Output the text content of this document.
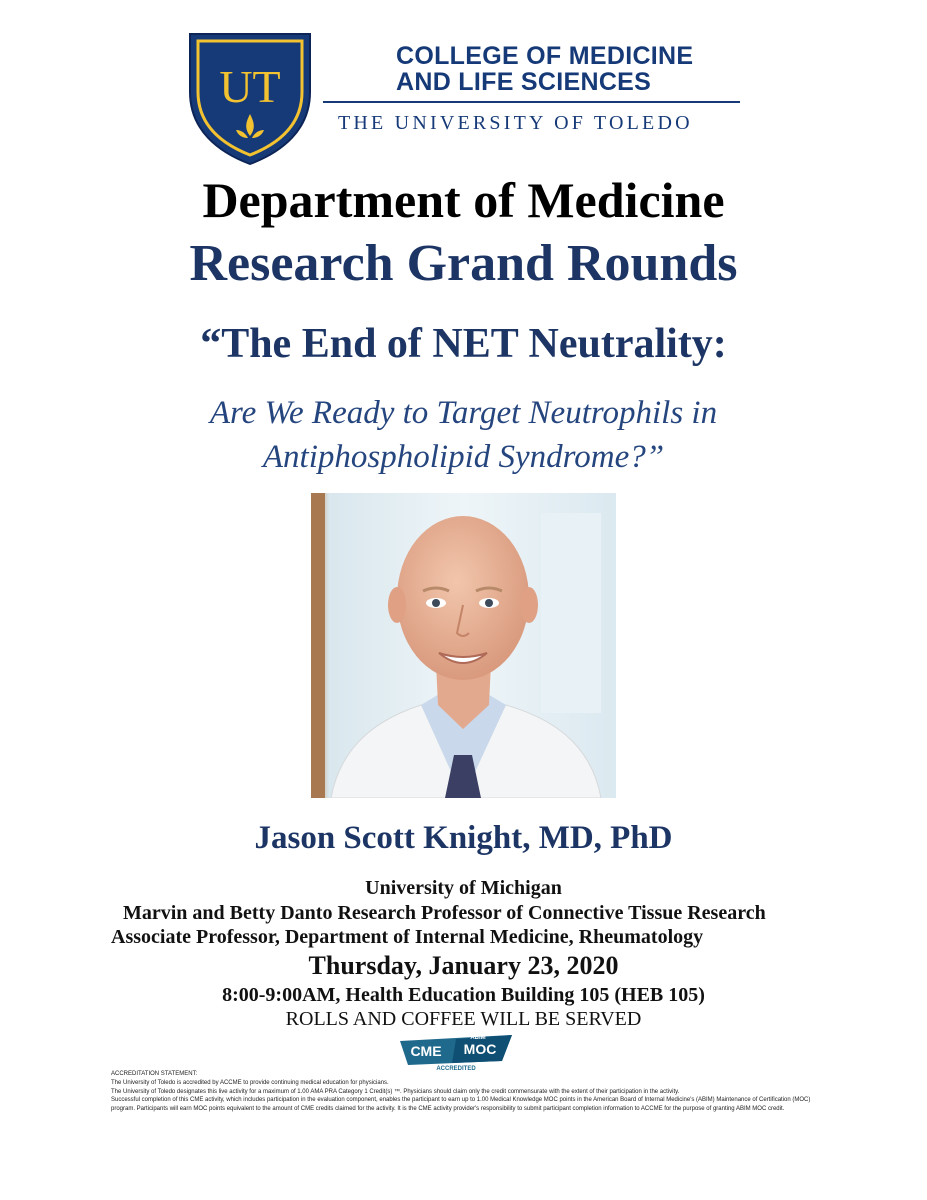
UT
COLLEGE OF MEDICINE
AND LIFE SCIENCES
THE UNIVERSITY OF TOLEDO
Department of Medicine
Research Grand Rounds
“The End of NET Neutrality:
Are We Ready to Target Neutrophils in
Antiphospholipid Syndrome?”
Jason Scott Knight, MD, PhD
University of Michigan
Marvin and Betty Danto Research Professor of Connective Tissue Research
Associate Professor, Department of Internal Medicine, Rheumatology
Thursday, January 23, 2020
8:00-9:00AM, Health Education Building 105 (HEB 105)
ROLLS AND COFFEE WILL BE SERVED
ABIM
CME MOC
ACCREDITED

ACCREDITATION STATEMENT:

The University of Toledo is accredited by ACCME to provide continuing medical education for physicians.

The University of Toledo designates this live activity for a maximum of 1.00 AMA PRA Category 1 Credit(s) ™. Physicians should claim only the credit commensurate with the extent of their participation in the activity.

Successful completion of this CME activity, which includes participation in the evaluation component, enables the participant to earn up to 1.00 Medical Knowledge MOC points in the American Board of Internal Medicine's (ABIM) Maintenance of Certification (MOC) program. Participants will earn MOC points equivalent to the amount of CME credits claimed for the activity. It is the CME activity provider's responsibility to submit participant completion information to ACCME for the purpose of granting ABIM MOC credit.
